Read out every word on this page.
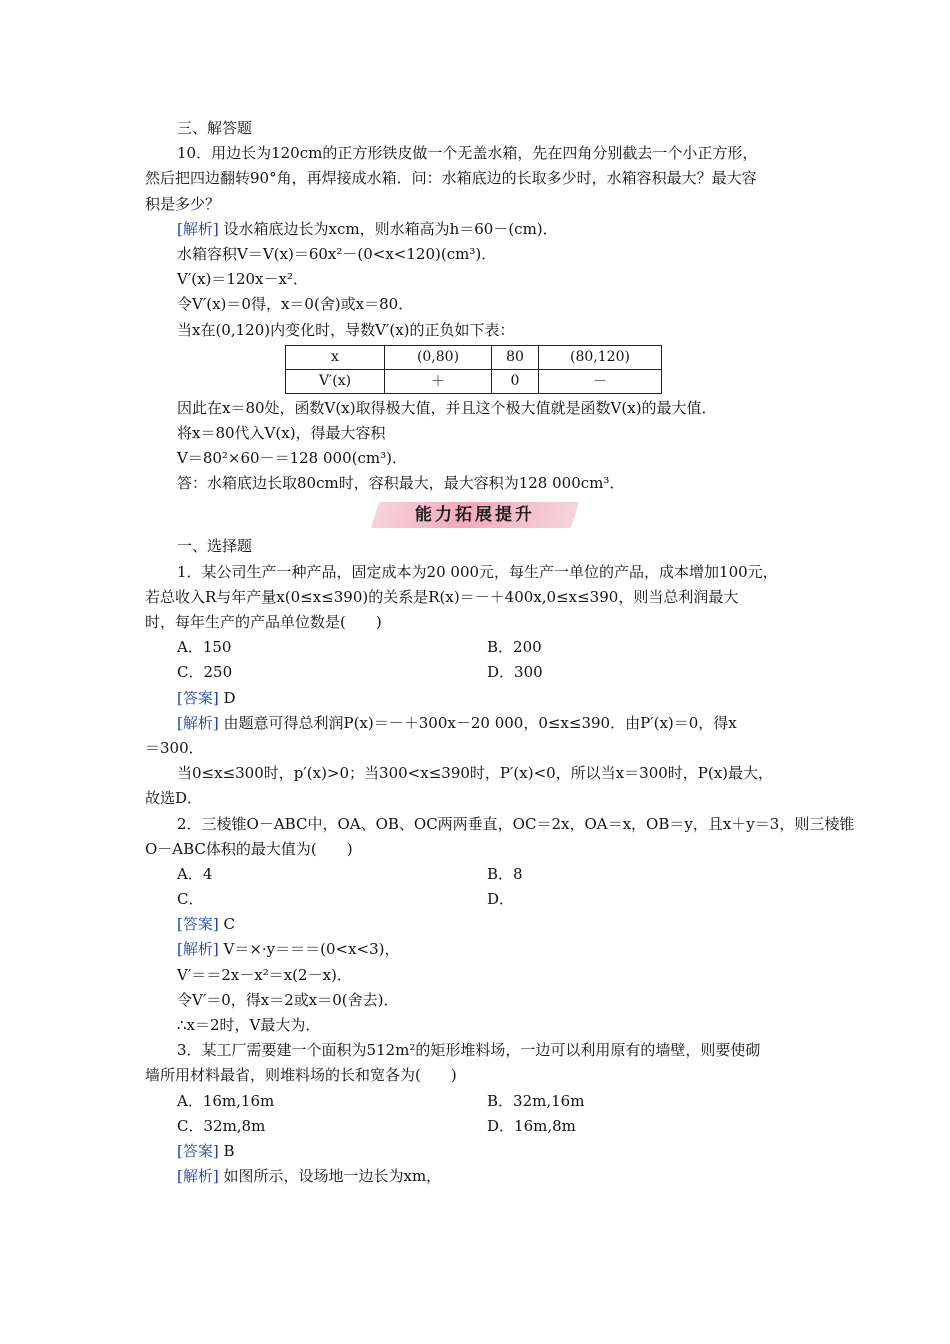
三、解答题
10．用边长为120cm的正方形铁皮做一个无盖水箱，先在四角分别截去一个小正方形，
然后把四边翻转90°角，再焊接成水箱．问：水箱底边的长取多少时，水箱容积最大？最大容
积是多少？
[解析] 设水箱底边长为xcm，则水箱高为h＝60－(cm)．
水箱容积V＝V(x)＝60x²－(0<x<120)(cm³)．
V′(x)＝120x－x²．
令V′(x)＝0得，x＝0(舍)或x＝80．
当x在(0,120)内变化时，导数V′(x)的正负如下表：
x	(0,80)	80	(80,120)
V′(x)	＋	0	－
因此在x＝80处，函数V(x)取得极大值，并且这个极大值就是函数V(x)的最大值．
将x＝80代入V(x)，得最大容积
V＝80²×60－＝128 000(cm³)．
答：水箱底边长取80cm时，容积最大，最大容积为128 000cm³．
能力拓展提升
一、选择题
1．某公司生产一种产品，固定成本为20 000元，每生产一单位的产品，成本增加100元，
若总收入R与年产量x(0≤x≤390)的关系是R(x)＝－＋400x,0≤x≤390，则当总利润最大
时，每年生产的产品单位数是(　　)
A．150	B．200
C．250	D．300
[答案] D
[解析] 由题意可得总利润P(x)＝－＋300x－20 000，0≤x≤390．由P′(x)＝0，得x
＝300．
当0≤x≤300时，p′(x)>0；当300<x≤390时，P′(x)<0，所以当x＝300时，P(x)最大，
故选D．
2．三棱锥O－ABC中，OA、OB、OC两两垂直，OC＝2x，OA＝x，OB＝y，且x＋y＝3，则三棱锥
O－ABC体积的最大值为(　　)
A．4	B．8
C．	D．
[答案] C
[解析] V＝×·y＝＝＝(0<x<3)，
V′＝＝2x－x²＝x(2－x)．
令V′＝0，得x＝2或x＝0(舍去)．
∴x＝2时，V最大为．
3．某工厂需要建一个面积为512m²的矩形堆料场，一边可以利用原有的墙壁，则要使砌
墙所用材料最省，则堆料场的长和宽各为(　　)
A．16m,16m	B．32m,16m
C．32m,8m	D．16m,8m
[答案] B
[解析] 如图所示，设场地一边长为xm，
